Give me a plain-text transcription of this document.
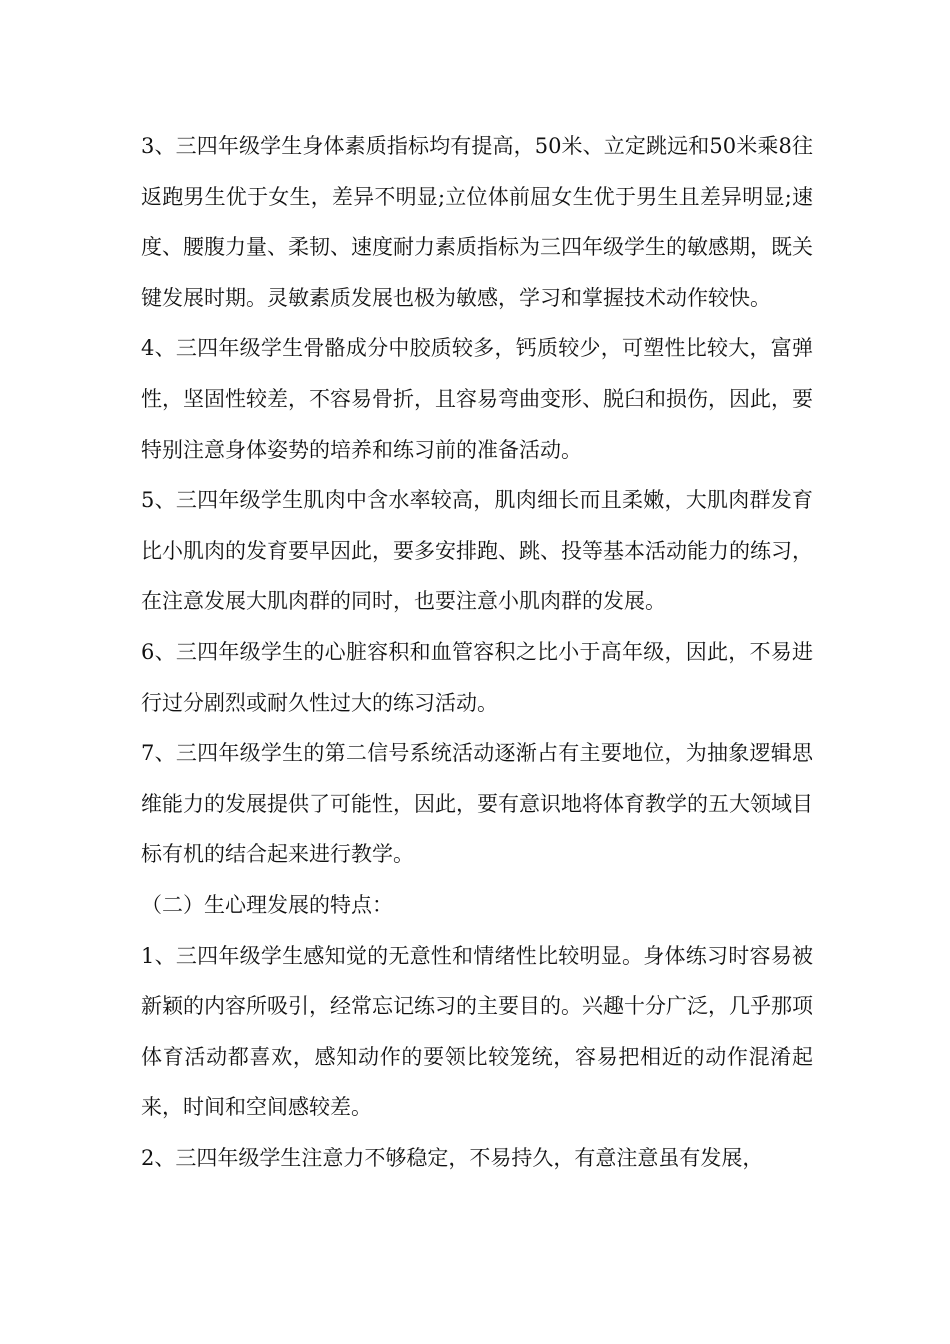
3、三四年级学生身体素质指标均有提高，50米、立定跳远和50米乘8往返跑男生优于女生，差异不明显;立位体前屈女生优于男生且差异明显;速度、腰腹力量、柔韧、速度耐力素质指标为三四年级学生的敏感期，既关键发展时期。灵敏素质发展也极为敏感，学习和掌握技术动作较快。

4、三四年级学生骨骼成分中胶质较多，钙质较少，可塑性比较大，富弹性，坚固性较差，不容易骨折，且容易弯曲变形、脱臼和损伤，因此，要特别注意身体姿势的培养和练习前的准备活动。

5、三四年级学生肌肉中含水率较高，肌肉细长而且柔嫩，大肌肉群发育比小肌肉的发育要早因此，要多安排跑、跳、投等基本活动能力的练习，在注意发展大肌肉群的同时，也要注意小肌肉群的发展。

6、三四年级学生的心脏容积和血管容积之比小于高年级，因此，不易进行过分剧烈或耐久性过大的练习活动。

7、三四年级学生的第二信号系统活动逐渐占有主要地位，为抽象逻辑思维能力的发展提供了可能性，因此，要有意识地将体育教学的五大领域目标有机的结合起来进行教学。

（二）生心理发展的特点：

1、三四年级学生感知觉的无意性和情绪性比较明显。身体练习时容易被新颖的内容所吸引，经常忘记练习的主要目的。兴趣十分广泛，几乎那项体育活动都喜欢，感知动作的要领比较笼统，容易把相近的动作混淆起来，时间和空间感较差。

2、三四年级学生注意力不够稳定，不易持久，有意注意虽有发展，
